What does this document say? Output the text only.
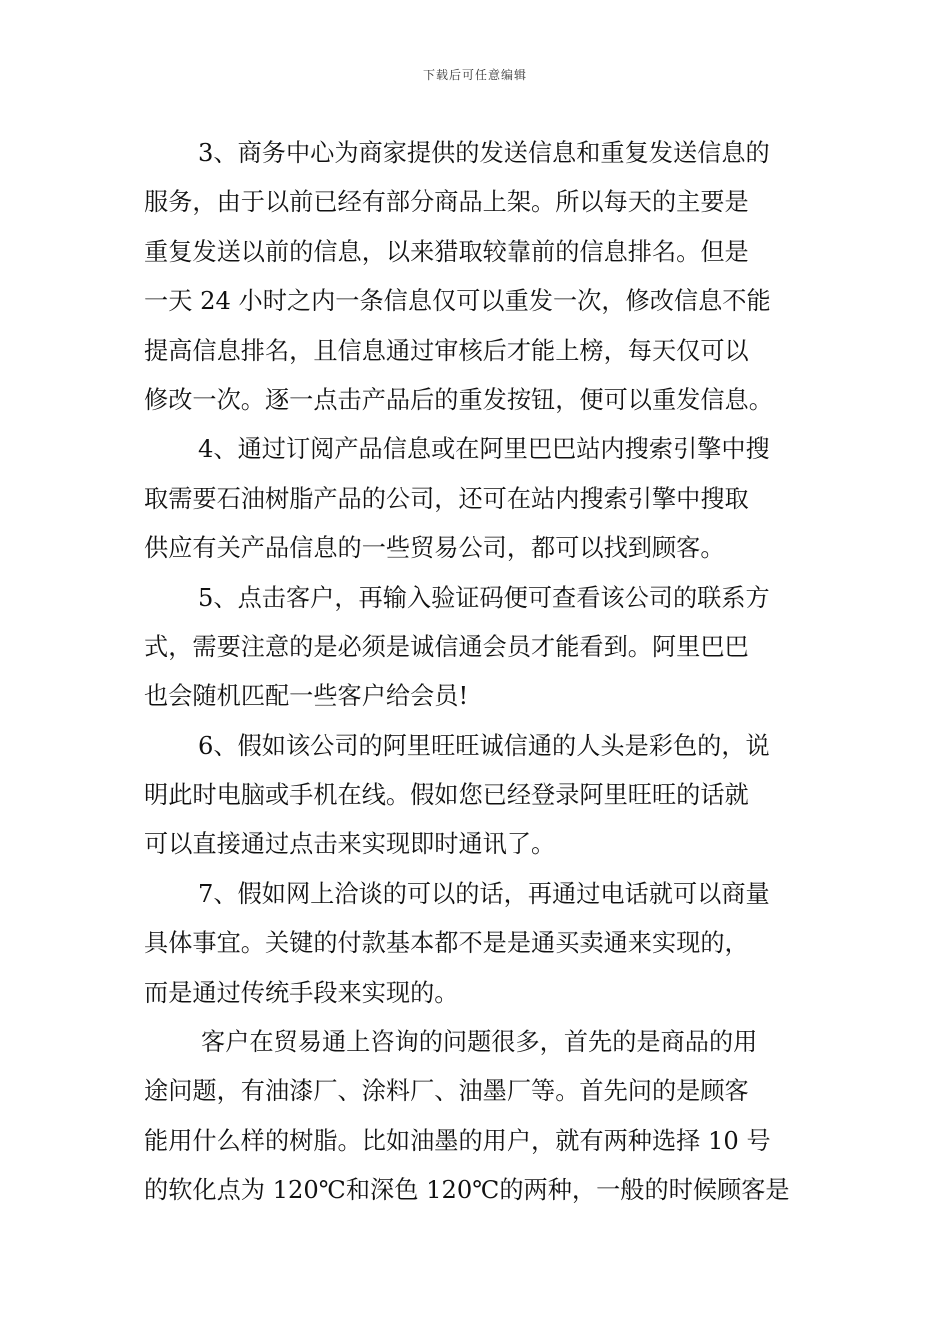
下载后可任意编辑
3、商务中心为商家提供的发送信息和重复发送信息的
服务，由于以前已经有部分商品上架。所以每天的主要是
重复发送以前的信息，以来猎取较靠前的信息排名。但是
一天 24 小时之内一条信息仅可以重发一次，修改信息不能
提高信息排名，且信息通过审核后才能上榜，每天仅可以
修改一次。逐一点击产品后的重发按钮，便可以重发信息。
4、通过订阅产品信息或在阿里巴巴站内搜索引擎中搜
取需要石油树脂产品的公司，还可在站内搜索引擎中搜取
供应有关产品信息的一些贸易公司，都可以找到顾客。
5、点击客户，再输入验证码便可查看该公司的联系方
式，需要注意的是必须是诚信通会员才能看到。阿里巴巴
也会随机匹配一些客户给会员!
6、假如该公司的阿里旺旺诚信通的人头是彩色的，说
明此时电脑或手机在线。假如您已经登录阿里旺旺的话就
可以直接通过点击来实现即时通讯了。
7、假如网上洽谈的可以的话，再通过电话就可以商量
具体事宜。关键的付款基本都不是是通买卖通来实现的，
而是通过传统手段来实现的。
客户在贸易通上咨询的问题很多，首先的是商品的用
途问题，有油漆厂、涂料厂、油墨厂等。首先问的是顾客
能用什么样的树脂。比如油墨的用户，就有两种选择 10 号
的软化点为 120℃和深色 120℃的两种，一般的时候顾客是
